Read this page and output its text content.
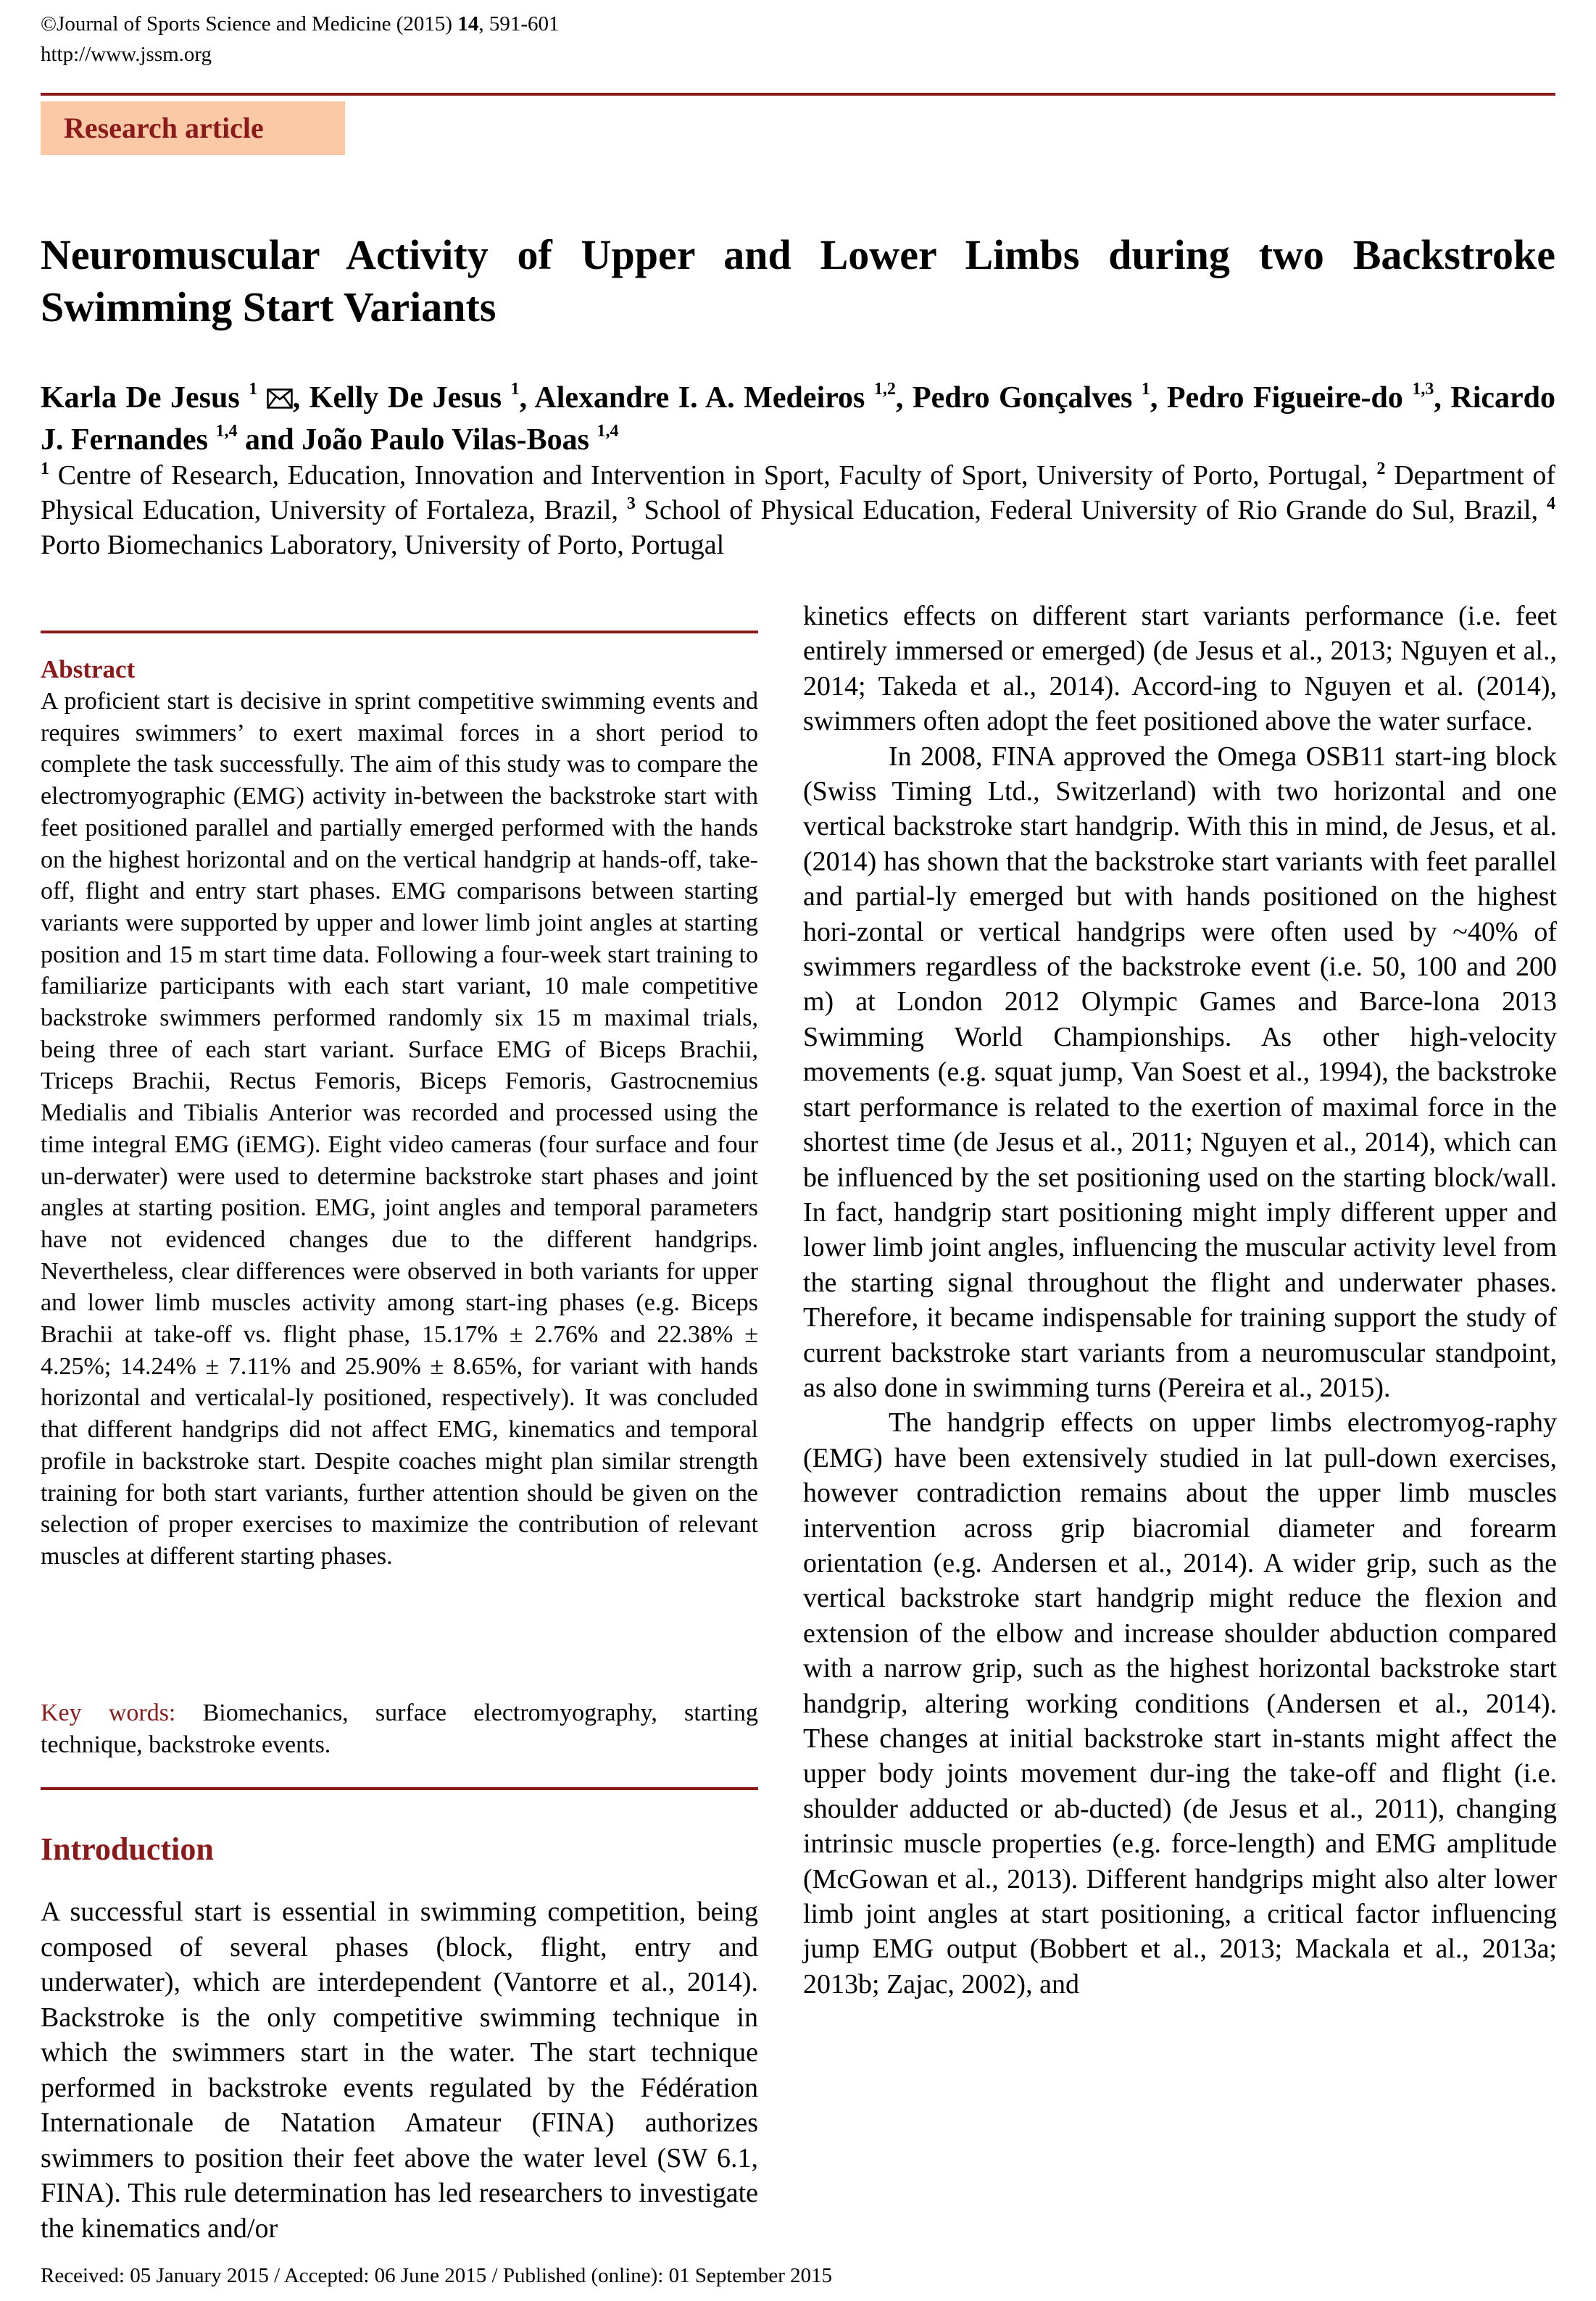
©Journal of Sports Science and Medicine (2015) 14, 591-601
http://www.jssm.org
Research article
Neuromuscular Activity of Upper and Lower Limbs during two Backstroke Swimming Start Variants
Karla De Jesus $^1$ , Kelly De Jesus $^1$, Alexandre I. A. Medeiros $^{1,2}$, Pedro Gonçalves $^1$, Pedro Figueire-do $^{1,3}$, Ricardo J. Fernandes $^{1,4}$ and João Paulo Vilas-Boas $^{1,4}$
$^1$ Centre of Research, Education, Innovation and Intervention in Sport, Faculty of Sport, University of Porto, Portugal, $^2$ Department of Physical Education, University of Fortaleza, Brazil, $^3$ School of Physical Education, Federal University of Rio Grande do Sul, Brazil, $^4$ Porto Biomechanics Laboratory, University of Porto, Portugal
Abstract
A proficient start is decisive in sprint competitive swimming events and requires swimmers’ to exert maximal forces in a short period to complete the task successfully. The aim of this study was to compare the electromyographic (EMG) activity in-between the backstroke start with feet positioned parallel and partially emerged performed with the hands on the highest horizontal and on the vertical handgrip at hands-off, take-off, flight and entry start phases. EMG comparisons between starting variants were supported by upper and lower limb joint angles at starting position and 15 m start time data. Following a four-week start training to familiarize participants with each start variant, 10 male competitive backstroke swimmers performed randomly six 15 m maximal trials, being three of each start variant. Surface EMG of Biceps Brachii, Triceps Brachii, Rectus Femoris, Biceps Femoris, Gastrocnemius Medialis and Tibialis Anterior was recorded and processed using the time integral EMG (iEMG). Eight video cameras (four surface and four un-derwater) were used to determine backstroke start phases and joint angles at starting position. EMG, joint angles and temporal parameters have not evidenced changes due to the different handgrips. Nevertheless, clear differences were observed in both variants for upper and lower limb muscles activity among start-ing phases (e.g. Biceps Brachii at take-off vs. flight phase, 15.17% ± 2.76% and 22.38% ± 4.25%; 14.24% ± 7.11% and 25.90% ± 8.65%, for variant with hands horizontal and verticalal-ly positioned, respectively). It was concluded that different handgrips did not affect EMG, kinematics and temporal profile in backstroke start. Despite coaches might plan similar strength training for both start variants, further attention should be given on the selection of proper exercises to maximize the contribution of relevant muscles at different starting phases.
Key words: Biomechanics, surface electromyography, starting technique, backstroke events.
Introduction
A successful start is essential in swimming competition, being composed of several phases (block, flight, entry and underwater), which are interdependent (Vantorre et al., 2014). Backstroke is the only competitive swimming technique in which the swimmers start in the water. The start technique performed in backstroke events regulated by the Fédération Internationale de Natation Amateur (FINA) authorizes swimmers to position their feet above the water level (SW 6.1, FINA). This rule determination has led researchers to investigate the kinematics and/or

kinetics effects on different start variants performance (i.e. feet entirely immersed or emerged) (de Jesus et al., 2013; Nguyen et al., 2014; Takeda et al., 2014). Accord-ing to Nguyen et al. (2014), swimmers often adopt the feet positioned above the water surface.

In 2008, FINA approved the Omega OSB11 start-ing block (Swiss Timing Ltd., Switzerland) with two horizontal and one vertical backstroke start handgrip. With this in mind, de Jesus, et al. (2014) has shown that the backstroke start variants with feet parallel and partial-ly emerged but with hands positioned on the highest hori-zontal or vertical handgrips were often used by ~40% of swimmers regardless of the backstroke event (i.e. 50, 100 and 200 m) at London 2012 Olympic Games and Barce-lona 2013 Swimming World Championships. As other high-velocity movements (e.g. squat jump, Van Soest et al., 1994), the backstroke start performance is related to the exertion of maximal force in the shortest time (de Jesus et al., 2011; Nguyen et al., 2014), which can be influenced by the set positioning used on the starting block/wall. In fact, handgrip start positioning might imply different upper and lower limb joint angles, influencing the muscular activity level from the starting signal throughout the flight and underwater phases. Therefore, it became indispensable for training support the study of current backstroke start variants from a neuromuscular standpoint, as also done in swimming turns (Pereira et al., 2015).

The handgrip effects on upper limbs electromyog-raphy (EMG) have been extensively studied in lat pull-down exercises, however contradiction remains about the upper limb muscles intervention across grip biacromial diameter and forearm orientation (e.g. Andersen et al., 2014). A wider grip, such as the vertical backstroke start handgrip might reduce the flexion and extension of the elbow and increase shoulder abduction compared with a narrow grip, such as the highest horizontal backstroke start handgrip, altering working conditions (Andersen et al., 2014). These changes at initial backstroke start in-stants might affect the upper body joints movement dur-ing the take-off and flight (i.e. shoulder adducted or ab-ducted) (de Jesus et al., 2011), changing intrinsic muscle properties (e.g. force-length) and EMG amplitude (McGowan et al., 2013). Different handgrips might also alter lower limb joint angles at start positioning, a critical factor influencing jump EMG output (Bobbert et al., 2013; Mackala et al., 2013a; 2013b; Zajac, 2002), and

Received: 05 January 2015 / Accepted: 06 June 2015 / Published (online): 01 September 2015
